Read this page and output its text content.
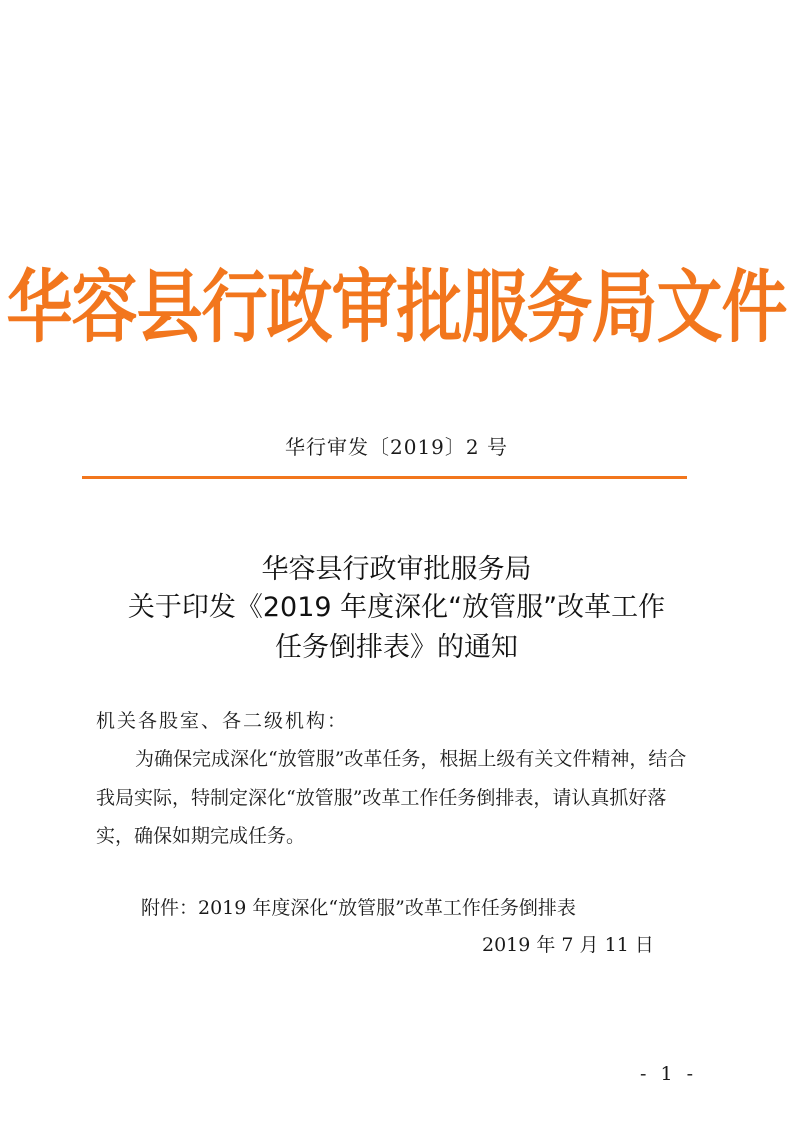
华容县行政审批服务局文件
华行审发〔2019〕2 号
华容县行政审批服务局
关于印发《2019 年度深化“放管服”改革工作
任务倒排表》的通知
机关各股室、各二级机构：
为确保完成深化“放管服”改革任务，根据上级有关文件精神，结合
我局实际，特制定深化“放管服”改革工作任务倒排表，请认真抓好落
实，确保如期完成任务。
附件：2019 年度深化“放管服”改革工作任务倒排表
2019 年 7 月 11 日
- 1 -
